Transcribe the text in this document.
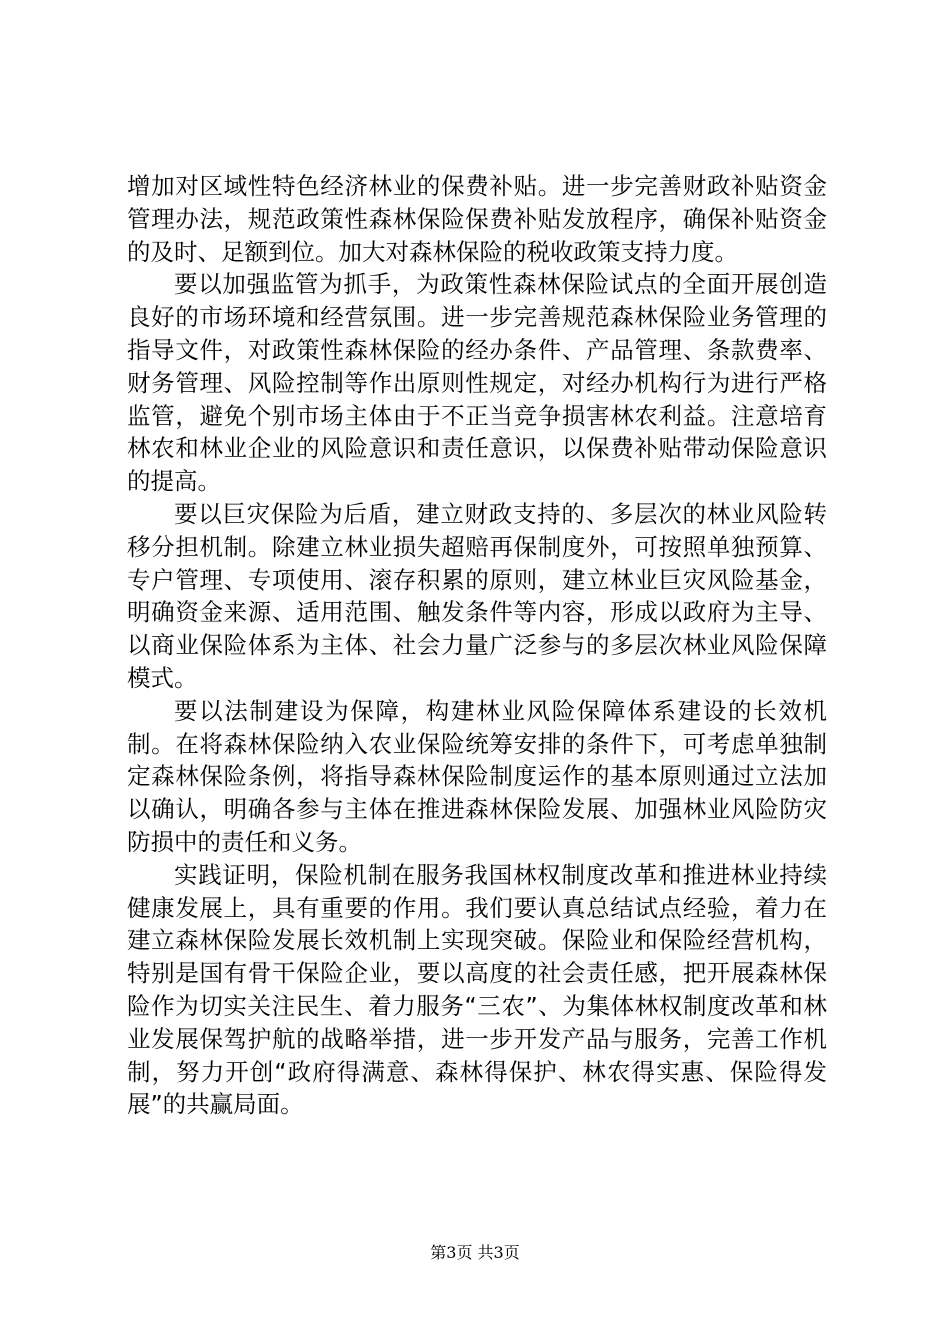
增加对区域性特色经济林业的保费补贴。进一步完善财政补贴资金管理办法，规范政策性森林保险保费补贴发放程序，确保补贴资金的及时、足额到位。加大对森林保险的税收政策支持力度。

要以加强监管为抓手，为政策性森林保险试点的全面开展创造良好的市场环境和经营氛围。进一步完善规范森林保险业务管理的指导文件，对政策性森林保险的经办条件、产品管理、条款费率、财务管理、风险控制等作出原则性规定，对经办机构行为进行严格监管，避免个别市场主体由于不正当竞争损害林农利益。注意培育林农和林业企业的风险意识和责任意识，以保费补贴带动保险意识的提高。

要以巨灾保险为后盾，建立财政支持的、多层次的林业风险转移分担机制。除建立林业损失超赔再保制度外，可按照单独预算、专户管理、专项使用、滚存积累的原则，建立林业巨灾风险基金，明确资金来源、适用范围、触发条件等内容，形成以政府为主导、以商业保险体系为主体、社会力量广泛参与的多层次林业风险保障模式。

要以法制建设为保障，构建林业风险保障体系建设的长效机制。在将森林保险纳入农业保险统筹安排的条件下，可考虑单独制定森林保险条例，将指导森林保险制度运作的基本原则通过立法加以确认，明确各参与主体在推进森林保险发展、加强林业风险防灾防损中的责任和义务。

实践证明，保险机制在服务我国林权制度改革和推进林业持续健康发展上，具有重要的作用。我们要认真总结试点经验，着力在建立森林保险发展长效机制上实现突破。保险业和保险经营机构，特别是国有骨干保险企业，要以高度的社会责任感，把开展森林保险作为切实关注民生、着力服务“三农”、为集体林权制度改革和林业发展保驾护航的战略举措，进一步开发产品与服务，完善工作机制，努力开创“政府得满意、森林得保护、林农得实惠、保险得发展”的共赢局面。

第3页 共3页
